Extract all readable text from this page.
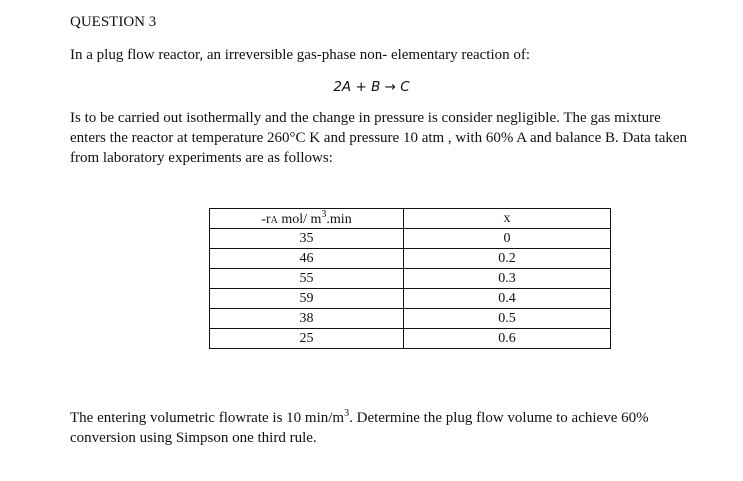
QUESTION 3
In a plug flow reactor, an irreversible gas-phase non- elementary reaction of:
2A + B → C
Is to be carried out isothermally and the change in pressure is consider negligible. The gas mixture enters the reactor at temperature 260°C K and pressure 10 atm , with 60% A and balance B. Data taken from laboratory experiments are as follows:
-rA mol/ $m^3.\min$	x
35	0
46	0.2
55	0.3
59	0.4
38	0.5
25	0.6
The entering volumetric flowrate is 10 $\min/m^3$. Determine the plug flow volume to achieve 60% conversion using Simpson one third rule.
